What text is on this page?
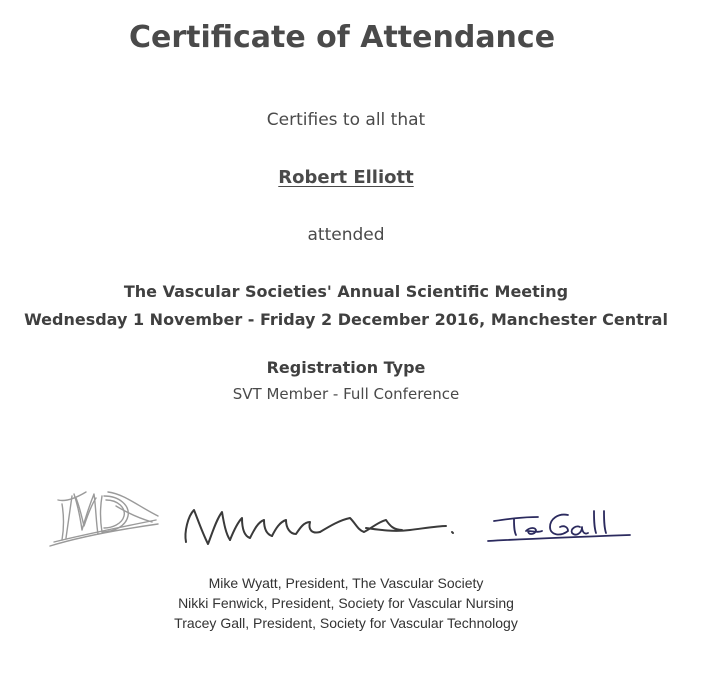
Certificate of Attendance
Certifies to all that
Robert Elliott
attended
The Vascular Societies' Annual Scientific Meeting
Wednesday 1 November - Friday 2 December 2016, Manchester Central
Registration Type
SVT Member - Full Conference
Mike Wyatt, President, The Vascular Society
Nikki Fenwick, President, Society for Vascular Nursing
Tracey Gall, President, Society for Vascular Technology
